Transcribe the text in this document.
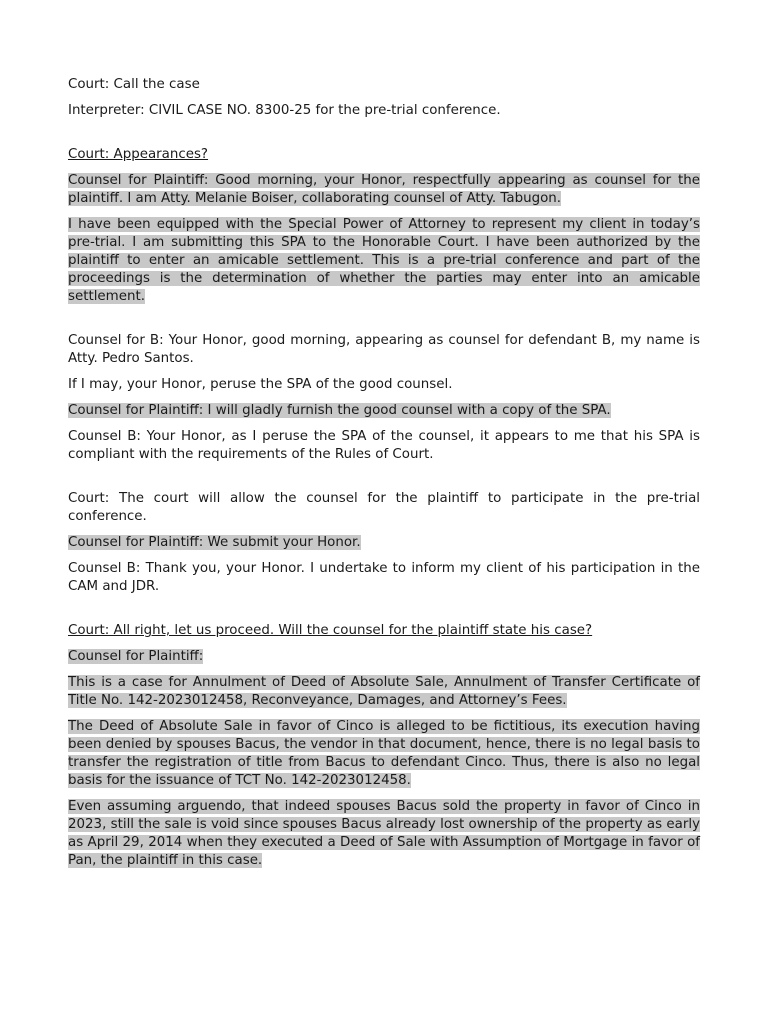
Court: Call the case

Interpreter: CIVIL CASE NO. 8300-25 for the pre-trial conference.

Court: Appearances?

Counsel for Plaintiff: Good morning, your Honor, respectfully appearing as counsel for the plaintiff. I am Atty. Melanie Boiser, collaborating counsel of Atty. Tabugon.

I have been equipped with the Special Power of Attorney to represent my client in today’s pre-trial. I am submitting this SPA to the Honorable Court. I have been authorized by the plaintiff to enter an amicable settlement. This is a pre-trial conference and part of the proceedings is the determination of whether the parties may enter into an amicable settlement.

Counsel for B: Your Honor, good morning, appearing as counsel for defendant B, my name is Atty. Pedro Santos.

If I may, your Honor, peruse the SPA of the good counsel.

Counsel for Plaintiff: I will gladly furnish the good counsel with a copy of the SPA.

Counsel B: Your Honor, as I peruse the SPA of the counsel, it appears to me that his SPA is compliant with the requirements of the Rules of Court.

Court: The court will allow the counsel for the plaintiff to participate in the pre-trial conference.

Counsel for Plaintiff: We submit your Honor.

Counsel B: Thank you, your Honor. I undertake to inform my client of his participation in the CAM and JDR.

Court: All right, let us proceed. Will the counsel for the plaintiff state his case?

Counsel for Plaintiff:

This is a case for Annulment of Deed of Absolute Sale, Annulment of Transfer Certificate of Title No. 142-2023012458, Reconveyance, Damages, and Attorney’s Fees.

The Deed of Absolute Sale in favor of Cinco is alleged to be fictitious, its execution having been denied by spouses Bacus, the vendor in that document, hence, there is no legal basis to transfer the registration of title from Bacus to defendant Cinco. Thus, there is also no legal basis for the issuance of TCT No. 142-2023012458.

Even assuming arguendo, that indeed spouses Bacus sold the property in favor of Cinco in 2023, still the sale is void since spouses Bacus already lost ownership of the property as early as April 29, 2014 when they executed a Deed of Sale with Assumption of Mortgage in favor of Pan, the plaintiff in this case.
